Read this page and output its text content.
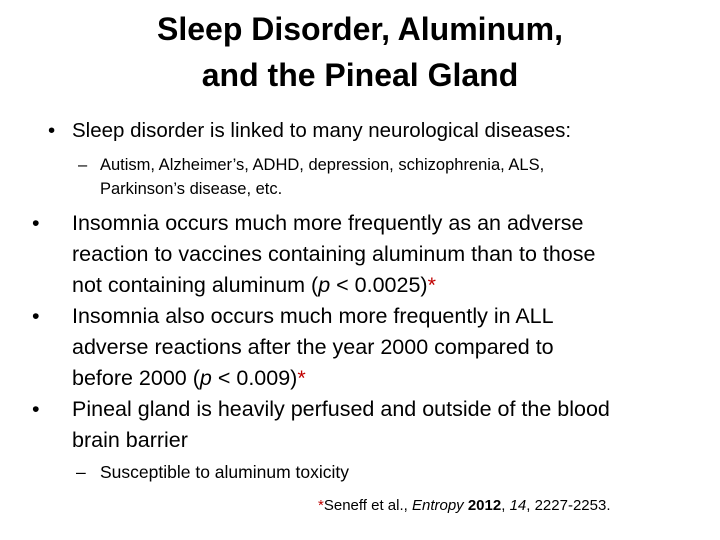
Sleep Disorder, Aluminum,
and the Pineal Gland
• Sleep disorder is linked to many neurological diseases:
– Autism, Alzheimer’s, ADHD, depression, schizophrenia, ALS,
Parkinson’s disease, etc.
•	Insomnia occurs much more frequently as an adverse
reaction to vaccines containing aluminum than to those
not containing aluminum (p < 0.0025)*
•	Insomnia also occurs much more frequently in ALL
adverse reactions after the year 2000 compared to
before 2000 (p < 0.009)*
•	Pineal gland is heavily perfused and outside of the blood
brain barrier
– Susceptible to aluminum toxicity
*Seneff et al., Entropy 2012, 14, 2227-2253.
